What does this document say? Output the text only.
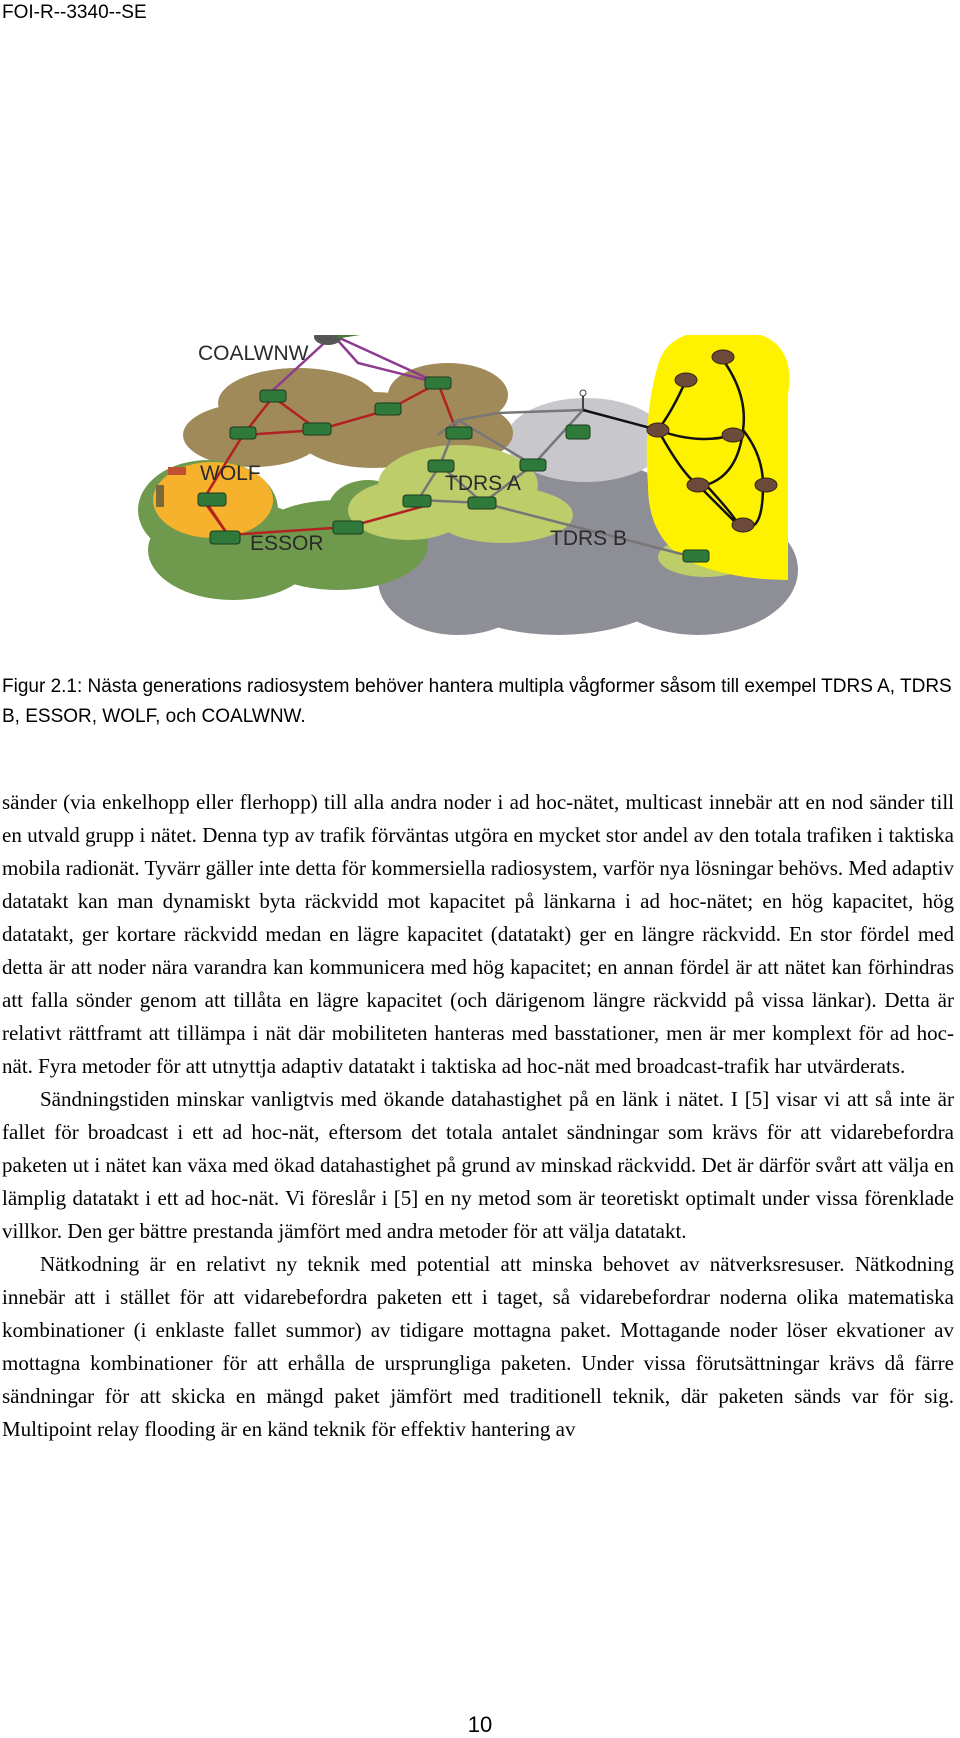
FOI-R--3340--SE
COALWNW
WOLF	TDRS A
ESSOR	TDRS B
Figur 2.1: Nästa generations radiosystem behöver hantera multipla vågformer såsom till exempel TDRS A, TDRS B, ESSOR, WOLF, och COALWNW.

sänder (via enkelhopp eller flerhopp) till alla andra noder i ad hoc-nätet, multicast innebär att en nod sänder till en utvald grupp i nätet. Denna typ av trafik förväntas utgöra en mycket stor andel av den totala trafiken i taktiska mobila radionät. Tyvärr gäller inte detta för kommersiella radiosystem, varför nya lösningar behövs. Med adaptiv datatakt kan man dynamiskt byta räckvidd mot kapacitet på länkarna i ad hoc-nätet; en hög kapacitet, hög datatakt, ger kortare räckvidd medan en lägre kapacitet (datatakt) ger en längre räckvidd. En stor fördel med detta är att noder nära varandra kan kommunicera med hög kapacitet; en annan fördel är att nätet kan förhindras att falla sönder genom att tillåta en lägre kapacitet (och därigenom längre räckvidd på vissa länkar). Detta är relativt rättframt att tillämpa i nät där mobiliteten hanteras med basstationer, men är mer komplext för ad hoc-nät. Fyra metoder för att utnyttja adaptiv datatakt i taktiska ad hoc-nät med broadcast-trafik har utvärderats.

Sändningstiden minskar vanligtvis med ökande datahastighet på en länk i nätet. I [5] visar vi att så inte är fallet för broadcast i ett ad hoc-nät, eftersom det totala antalet sändningar som krävs för att vidarebefordra paketen ut i nätet kan växa med ökad datahastighet på grund av minskad räckvidd. Det är därför svårt att välja en lämplig datatakt i ett ad hoc-nät. Vi föreslår i [5] en ny metod som är teoretiskt optimalt under vissa förenklade villkor. Den ger bättre prestanda jämfört med andra metoder för att välja datatakt.

Nätkodning är en relativt ny teknik med potential att minska behovet av nätverksresuser. Nätkodning innebär att i stället för att vidarebefordra paketen ett i taget, så vidarebefordrar noderna olika matematiska kombinationer (i enklaste fallet summor) av tidigare mottagna paket. Mottagande noder löser ekvationer av mottagna kombinationer för att erhålla de ursprungliga paketen. Under vissa förutsättningar krävs då färre sändningar för att skicka en mängd paket jämfört med traditionell teknik, där paketen sänds var för sig. Multipoint relay flooding är en känd teknik för effektiv hantering av

10
